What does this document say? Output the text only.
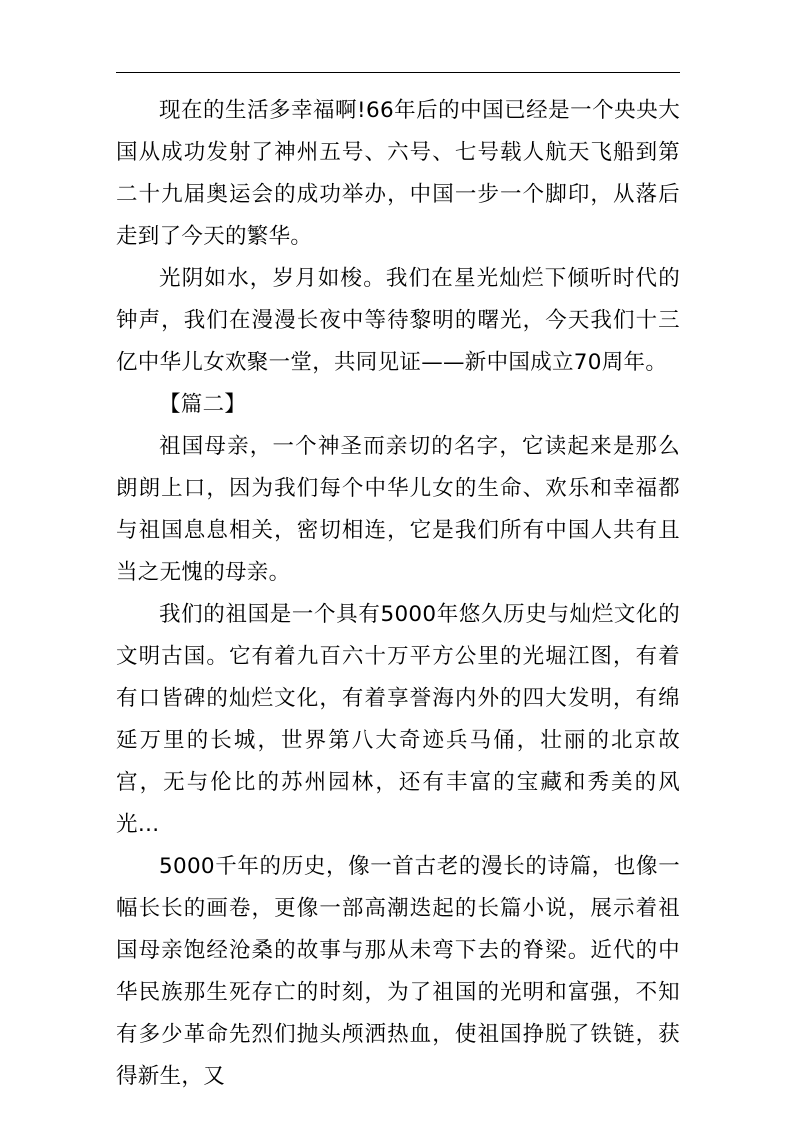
现在的生活多幸福啊!66年后的中国已经是一个央央大国从成功发射了神州五号、六号、七号载人航天飞船到第二十九届奥运会的成功举办，中国一步一个脚印，从落后走到了今天的繁华。

光阴如水，岁月如梭。我们在星光灿烂下倾听时代的钟声，我们在漫漫长夜中等待黎明的曙光，今天我们十三亿中华儿女欢聚一堂，共同见证——新中国成立70周年。

【篇二】

祖国母亲，一个神圣而亲切的名字，它读起来是那么朗朗上口，因为我们每个中华儿女的生命、欢乐和幸福都与祖国息息相关，密切相连，它是我们所有中国人共有且当之无愧的母亲。

我们的祖国是一个具有5000年悠久历史与灿烂文化的文明古国。它有着九百六十万平方公里的光堀江图，有着有口皆碑的灿烂文化，有着享誉海内外的四大发明，有绵延万里的长城，世界第八大奇迹兵马俑，壮丽的北京故宫，无与伦比的苏州园林，还有丰富的宝藏和秀美的风光…

5000千年的历史，像一首古老的漫长的诗篇，也像一幅长长的画卷，更像一部高潮迭起的长篇小说，展示着祖国母亲饱经沧桑的故事与那从未弯下去的脊梁。近代的中华民族那生死存亡的时刻，为了祖国的光明和富强，不知有多少革命先烈们抛头颅洒热血，使祖国挣脱了铁链，获得新生，又
